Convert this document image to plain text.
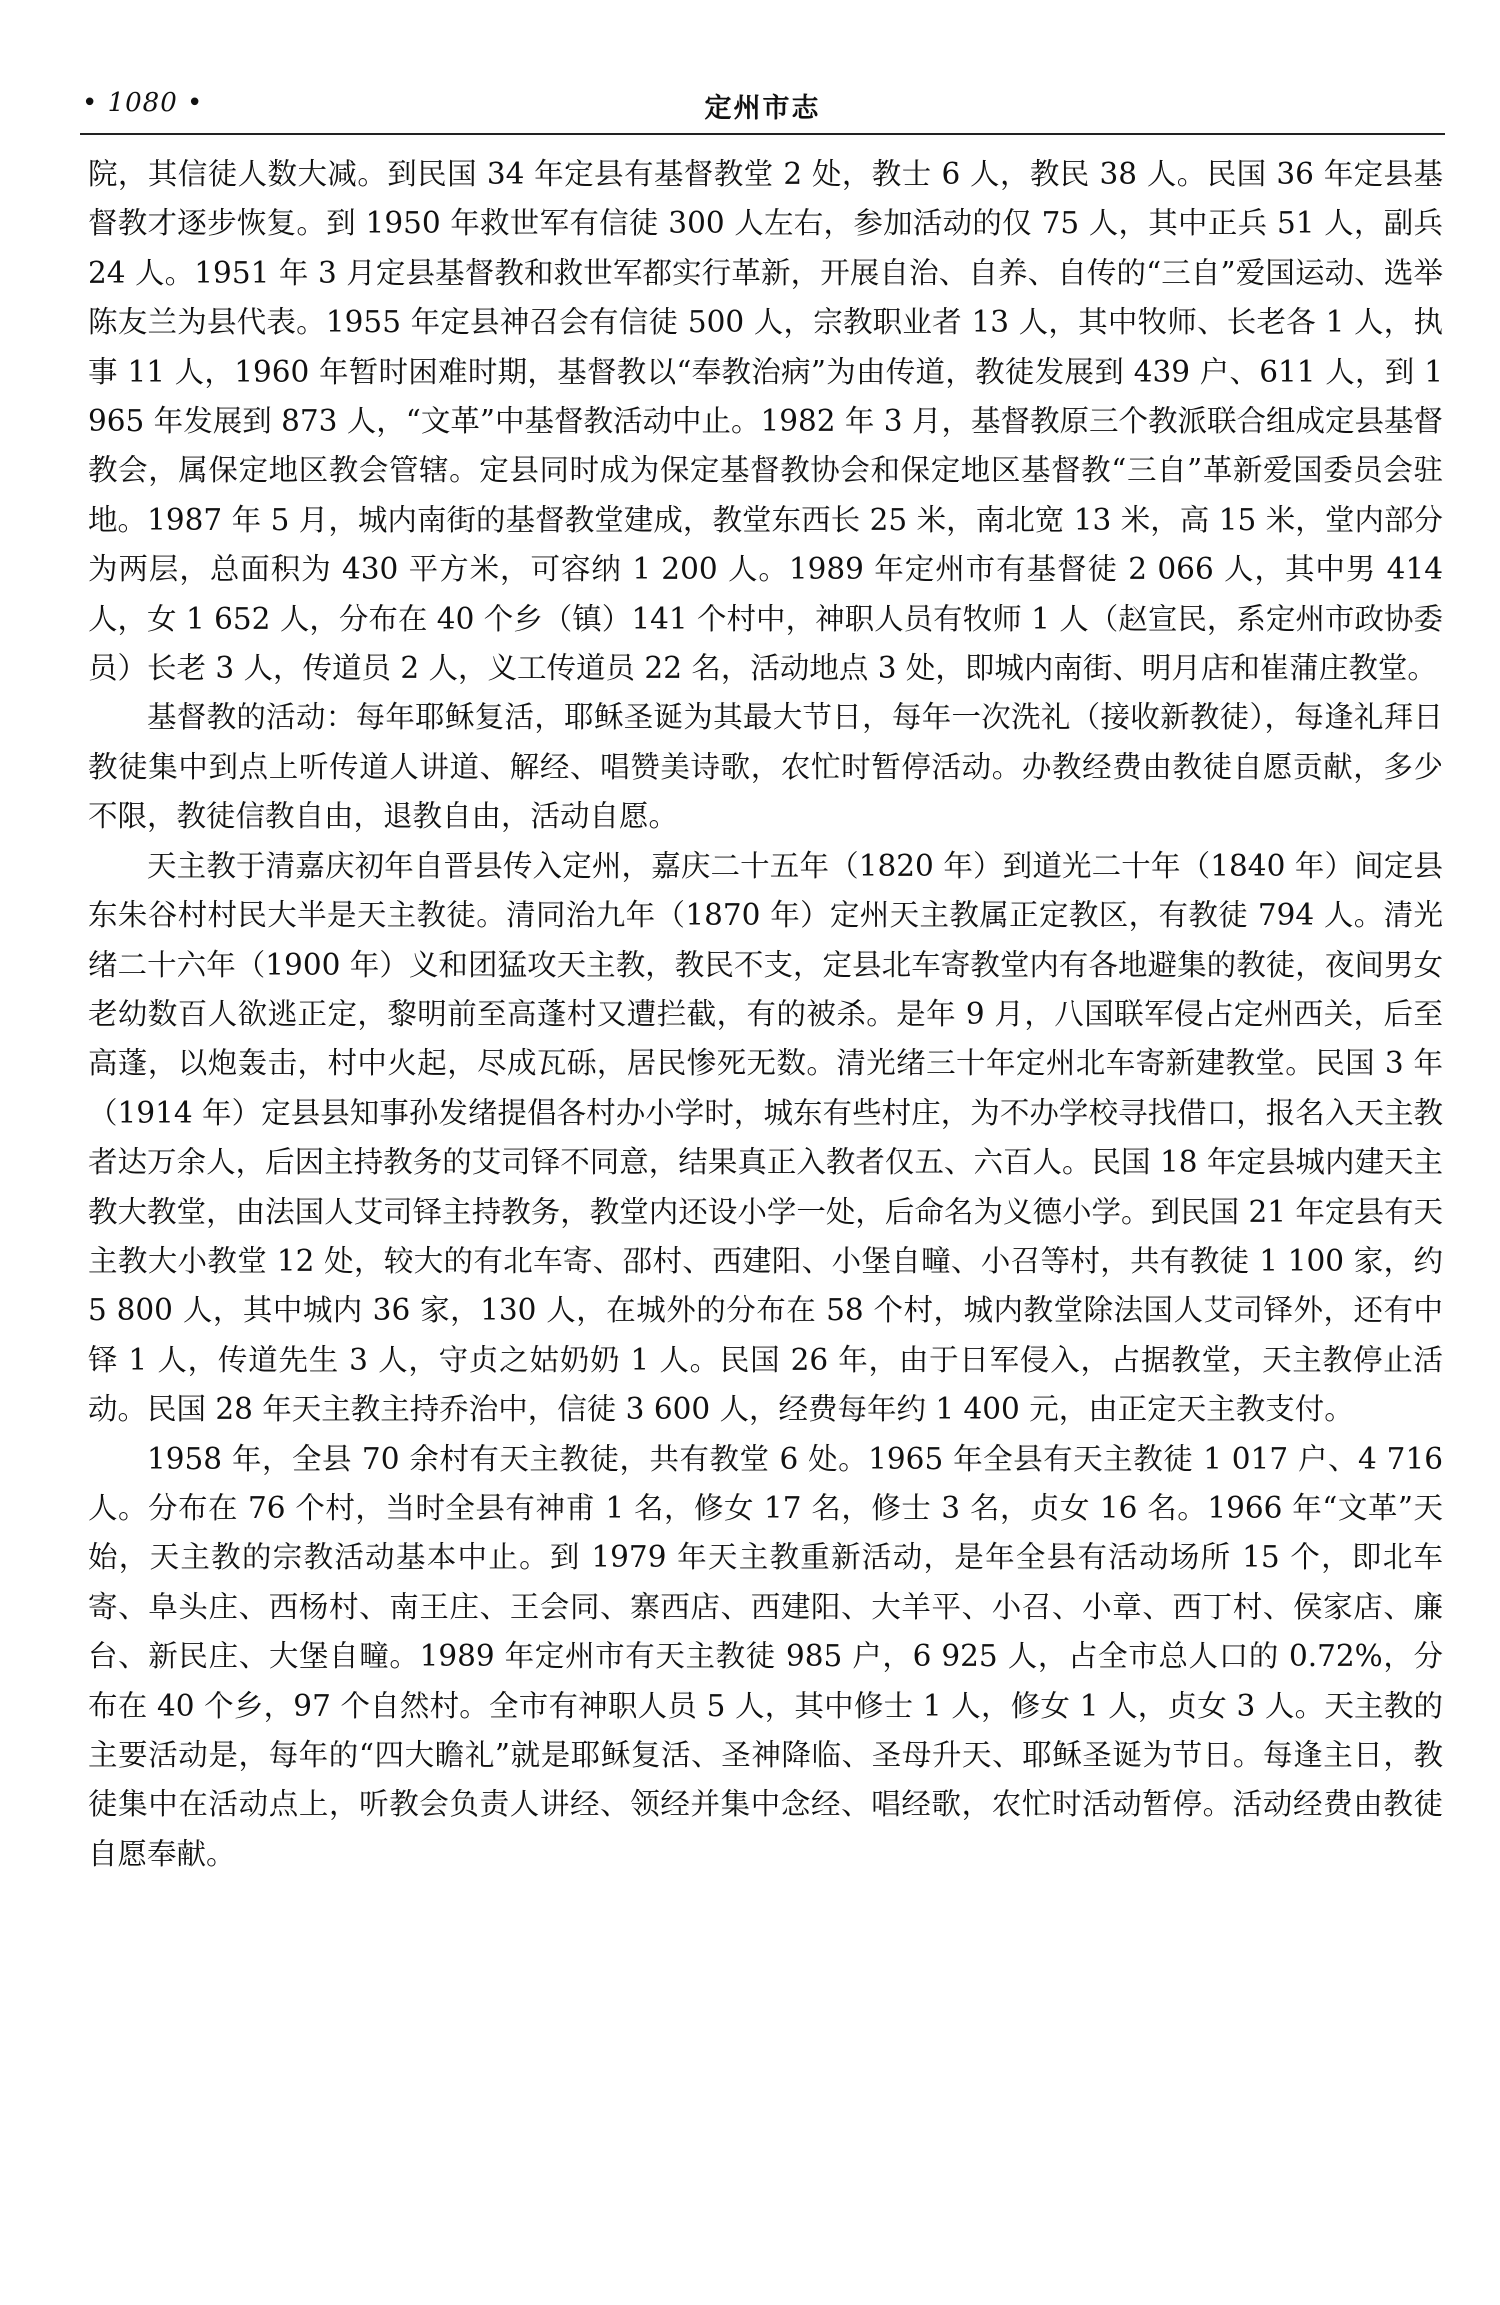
• 1080 •	定州市志

院，其信徒人数大减。到民国 34 年定县有基督教堂 2 处，教士 6 人，教民 38 人。民国 36 年定县基督教才逐步恢复。到 1950 年救世军有信徒 300 人左右，参加活动的仅 75 人，其中正兵 51 人，副兵 24 人。1951 年 3 月定县基督教和救世军都实行革新，开展自治、自养、自传的“三自”爱国运动、选举陈友兰为县代表。1955 年定县神召会有信徒 500 人，宗教职业者 13 人，其中牧师、长老各 1 人，执事 11 人，1960 年暂时困难时期，基督教以“奉教治病”为由传道，教徒发展到 439 户、611 人，到 1965 年发展到 873 人，“文革”中基督教活动中止。1982 年 3 月，基督教原三个教派联合组成定县基督教会，属保定地区教会管辖。定县同时成为保定基督教协会和保定地区基督教“三自”革新爱国委员会驻地。1987 年 5 月，城内南街的基督教堂建成，教堂东西长 25 米，南北宽 13 米，高 15 米，堂内部分为两层，总面积为 430 平方米，可容纳 1 200 人。1989 年定州市有基督徒 2 066 人，其中男 414 人，女 1 652 人，分布在 40 个乡（镇）141 个村中，神职人员有牧师 1 人（赵宣民，系定州市政协委员）长老 3 人，传道员 2 人，义工传道员 22 名，活动地点 3 处，即城内南街、明月店和崔蒲庄教堂。

基督教的活动：每年耶稣复活，耶稣圣诞为其最大节日，每年一次洗礼（接收新教徒），每逢礼拜日教徒集中到点上听传道人讲道、解经、唱赞美诗歌，农忙时暂停活动。办教经费由教徒自愿贡献，多少不限，教徒信教自由，退教自由，活动自愿。

天主教于清嘉庆初年自晋县传入定州，嘉庆二十五年（1820 年）到道光二十年（1840 年）间定县东朱谷村村民大半是天主教徒。清同治九年（1870 年）定州天主教属正定教区，有教徒 794 人。清光绪二十六年（1900 年）义和团猛攻天主教，教民不支，定县北车寄教堂内有各地避集的教徒，夜间男女老幼数百人欲逃正定，黎明前至高蓬村又遭拦截，有的被杀。是年 9 月，八国联军侵占定州西关，后至高蓬，以炮轰击，村中火起，尽成瓦砾，居民惨死无数。清光绪三十年定州北车寄新建教堂。民国 3 年（1914 年）定县县知事孙发绪提倡各村办小学时，城东有些村庄，为不办学校寻找借口，报名入天主教者达万余人，后因主持教务的艾司铎不同意，结果真正入教者仅五、六百人。民国 18 年定县城内建天主教大教堂，由法国人艾司铎主持教务，教堂内还设小学一处，后命名为义德小学。到民国 21 年定县有天主教大小教堂 12 处，较大的有北车寄、邵村、西建阳、小堡自疃、小召等村，共有教徒 1 100 家，约 5 800 人，其中城内 36 家，130 人，在城外的分布在 58 个村，城内教堂除法国人艾司铎外，还有中铎 1 人，传道先生 3 人，守贞之姑奶奶 1 人。民国 26 年，由于日军侵入，占据教堂，天主教停止活动。民国 28 年天主教主持乔治中，信徒 3 600 人，经费每年约 1 400 元，由正定天主教支付。

1958 年，全县 70 余村有天主教徒，共有教堂 6 处。1965 年全县有天主教徒 1 017 户、4 716人。分布在 76 个村，当时全县有神甫 1 名，修女 17 名，修士 3 名，贞女 16 名。1966 年“文革”天始，天主教的宗教活动基本中止。到 1979 年天主教重新活动，是年全县有活动场所 15 个，即北车寄、阜头庄、西杨村、南王庄、王会同、寨西店、西建阳、大羊平、小召、小章、西丁村、侯家店、廉台、新民庄、大堡自疃。1989 年定州市有天主教徒 985 户，6 925 人，占全市总人口的 0.72%，分布在 40 个乡，97 个自然村。全市有神职人员 5 人，其中修士 1 人，修女 1 人，贞女 3 人。天主教的主要活动是，每年的“四大瞻礼”就是耶稣复活、圣神降临、圣母升天、耶稣圣诞为节日。每逢主日，教徒集中在活动点上，听教会负责人讲经、领经并集中念经、唱经歌，农忙时活动暂停。活动经费由教徒自愿奉献。
